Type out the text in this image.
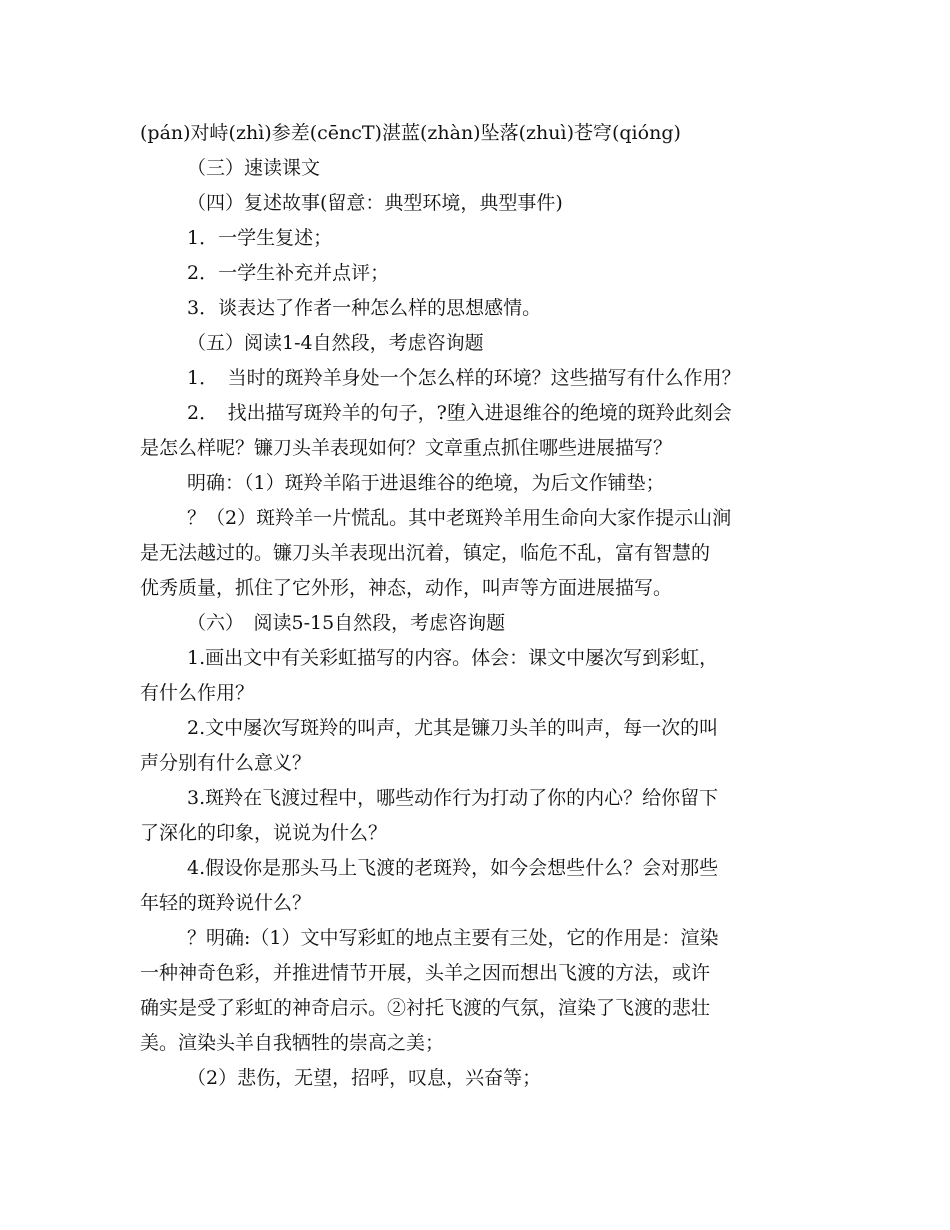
(pán)对峙(zhì)参差(cēncT)湛蓝(zhàn)坠落(zhuì)苍穹(qióng)
（三）速读课文
（四）复述故事(留意：典型环境，典型事件)
1．一学生复述；
2．一学生补充并点评；
3．谈表达了作者一种怎么样的思想感情。
（五）阅读1-4自然段，考虑咨询题
1．　当时的斑羚羊身处一个怎么样的环境？这些描写有什么作用？
2．　找出描写斑羚羊的句子，?堕入进退维谷的绝境的斑羚此刻会
是怎么样呢？镰刀头羊表现如何？文章重点抓住哪些进展描写？
明确：（1）斑羚羊陷于进退维谷的绝境，为后文作铺垫；
？（2）斑羚羊一片慌乱。其中老斑羚羊用生命向大家作提示山涧
是无法越过的。镰刀头羊表现出沉着，镇定，临危不乱，富有智慧的
优秀质量，抓住了它外形，神态，动作，叫声等方面进展描写。
（六）　阅读5-15自然段，考虑咨询题
1.画出文中有关彩虹描写的内容。体会：课文中屡次写到彩虹，
有什么作用？
2.文中屡次写斑羚的叫声，尤其是镰刀头羊的叫声，每一次的叫
声分别有什么意义？
3.斑羚在飞渡过程中，哪些动作行为打动了你的内心？给你留下
了深化的印象，说说为什么？
4.假设你是那头马上飞渡的老斑羚，如今会想些什么？会对那些
年轻的斑羚说什么？
？明确:（1）文中写彩虹的地点主要有三处，它的作用是：渲染
一种神奇色彩，并推进情节开展，头羊之因而想出飞渡的方法，或许
确实是受了彩虹的神奇启示。②衬托飞渡的气氛，渲染了飞渡的悲壮
美。渲染头羊自我牺牲的崇高之美；
（2）悲伤，无望，招呼，叹息，兴奋等；
